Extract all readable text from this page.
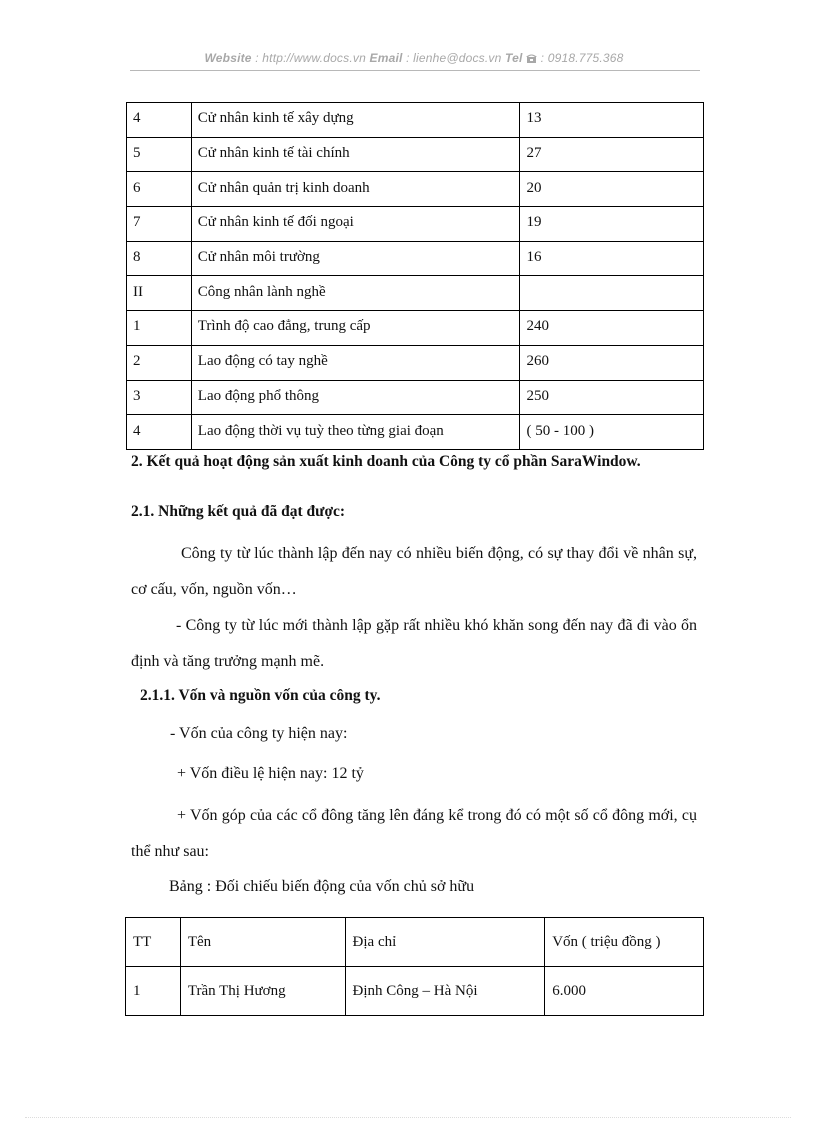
Website : http://www.docs.vn Email : lienhe@docs.vn Tel : 0918.775.368
4	Cử nhân kinh tế xây dựng	13
5	Cử nhân kinh tế tài chính	27
6	Cử nhân quản trị kinh doanh	20
7	Cử nhân kinh tế đối ngoại	19
8	Cử nhân môi trường	16
II	Công nhân lành nghề	
1	Trình độ cao đẳng, trung cấp	240
2	Lao động có tay nghề	260
3	Lao động phổ thông	250
4	Lao động thời vụ tuỳ theo từng giai đoạn	( 50 - 100 )
2. Kết quả hoạt động sản xuất kinh doanh của Công ty cổ phần SaraWindow.
2.1. Những kết quả đã đạt được:
Công ty từ lúc thành lập đến nay có nhiều biến động, có sự thay đổi về nhân sự, cơ cấu, vốn, nguồn vốn…
- Công ty từ lúc mới thành lập gặp rất nhiều khó khăn song đến nay đã đi vào ổn định và tăng trưởng mạnh mẽ.
2.1.1. Vốn và nguồn vốn của công ty.
- Vốn của công ty hiện nay:
+ Vốn điều lệ hiện nay: 12 tỷ
+ Vốn góp của các cổ đông tăng lên đáng kể trong đó có một số cổ đông mới, cụ thể như sau:
Bảng : Đối chiếu biến động của vốn chủ sở hữu
TT	Tên	Địa chỉ	Vốn ( triệu đồng )
1	Trần Thị Hương	Định Công – Hà Nội	6.000
